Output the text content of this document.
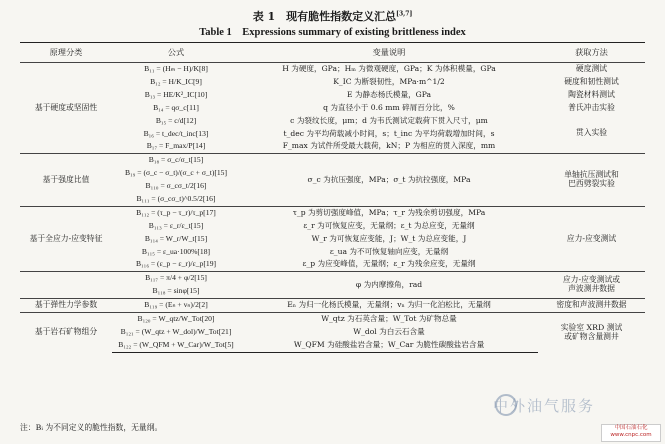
表 1　现有脆性指数定义汇总[3,7]
Table 1　Expressions summary of existing brittleness index
原理分类	公式	变量说明	获取方法
基于硬度或坚固性	B₁₁ = (Hₘ − H)/K[8]	H 为硬度，GPa；Hₘ 为微观硬度，GPa；K 为体积模量，GPa	硬度测试

	B₁₂ = H/K_IC[9]	K_IC 为断裂韧性，MPa·m^1/2	硬度和韧性测试

	B₁₃ = HE/K²_IC[10]	E 为静态杨氏模量，GPa	陶瓷材料测试

	B₁₄ = qσ_c[11]	q 为直径小于 0.6 mm 碎屑百分比，%	普氏冲击实验

	B₁₅ = c/d[12]	c 为裂纹长度，μm；d 为韦氏测试定载荷下贯入尺寸，μm	贯入实验

	B₁₆ = t_dec/t_inc[13]	t_dec 为平均荷载减小时间，s；t_inc 为平均荷载增加时间，s	
	B₁₇ = F_max/P[14]	F_max 为试件所受最大载荷，kN；P 为相应的贯入深度，mm	
基于强度比值	B₁₈ = σ_c/σ_t[15]	σ_c 为抗压强度，MPa；σ_t 为抗拉强度，MPa	单轴抗压测试和
巴西劈裂实验

	B₁₉ = (σ_c − σ_t)/(σ_c + σ_t)[15]		
	B₁₁₀ = σ_cσ_t/2[16]		
	B₁₁₁ = (σ_cσ_t)^0.5/2[16]		
基于全应力-应变特征	B₁₁₂ = (τ_p − τ_r)/τ_p[17]	τ_p 为剪切强度峰值，MPa；τ_r 为残余剪切强度，MPa	应力-应变测试

	B₁₁₃ = ε_r/ε_t[15]	ε_r 为可恢复应变，无量纲；ε_t 为总应变，无量纲	
	B₁₁₄ = W_r/W_t[15]	W_r 为可恢复应变能，J；W_t 为总应变能，J	
	B₁₁₅ = ε_ua·100%[18]	ε_ua 为不可恢复轴向应变，无量纲	
	B₁₁₆ = (ε_p − ε_r)/ε_p[19]	ε_p 为应变峰值，无量纲；ε_r 为残余应变，无量纲	
	B₁₁₇ = π/4 + φ/2[15]	φ 为内摩擦角，rad	应力-应变测试或
声波测井数据

	B₁₁₈ = sinφ[15]		
基于弹性力学参数	B₁₁₉ = (Eₙ + vₙ)/2[2]	Eₙ 为归一化杨氏模量，无量纲；vₙ 为归一化泊松比，无量纲	密度和声波测井数据

基于岩石矿物组分	B₁₂₀ = W_qtz/W_Tot[20]	W_qtz 为石英含量；W_Tot 为矿物总量	实验室 XRD 测试
或矿物含量测井

	B₁₂₁ = (W_qtz + W_dol)/W_Tot[21]	W_dol 为白云石含量	
	B₁₂₂ = (W_QFM + W_Car)/W_Tot[5]	W_QFM 为硅酸盐岩含量；W_Car 为脆性碳酸盐岩含量	
注：Bᵢ 为不同定义的脆性指数，无量纲。
中外油气服务
中国石油石化 www.cnpc.com
